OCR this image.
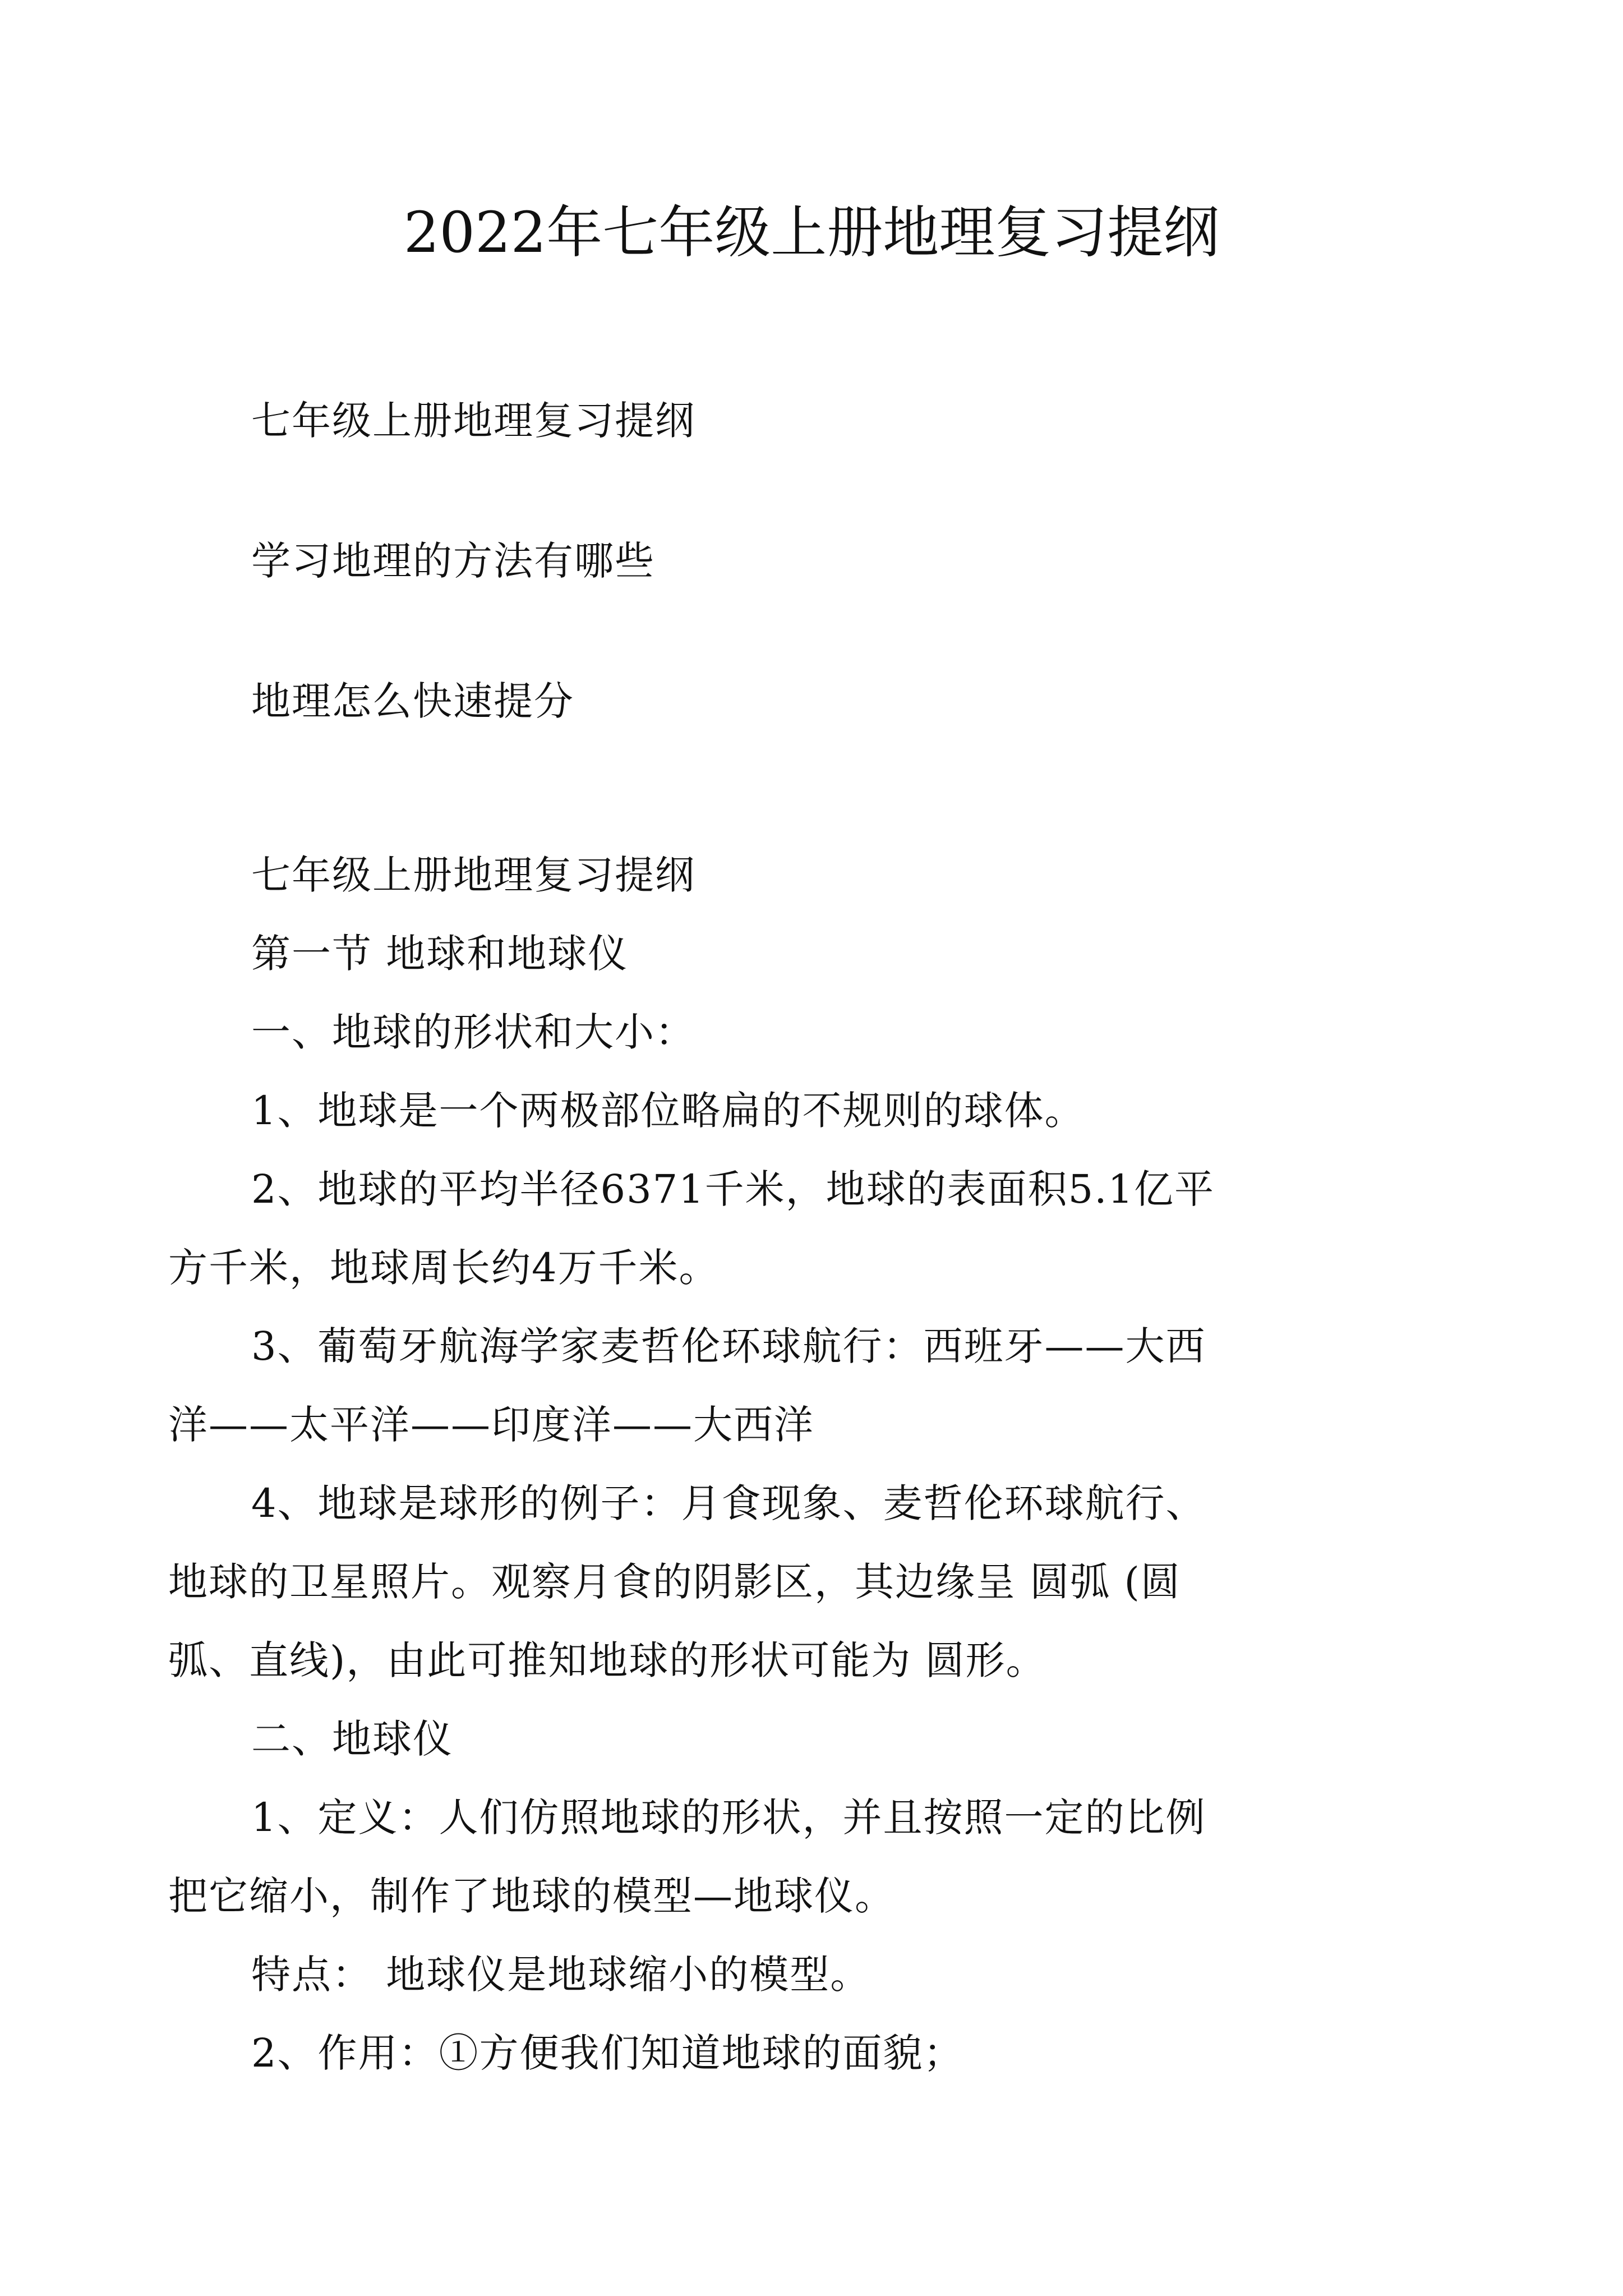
2022年七年级上册地理复习提纲

七年级上册地理复习提纲

学习地理的方法有哪些

地理怎么快速提分

七年级上册地理复习提纲

第一节 地球和地球仪

一、地球的形状和大小：

1、地球是一个两极部位略扁的不规则的球体。

2、地球的平均半径6371千米，地球的表面积5.1亿平

方千米，地球周长约4万千米。

3、葡萄牙航海学家麦哲伦环球航行：西班牙——大西

洋——太平洋——印度洋——大西洋

4、地球是球形的例子：月食现象、麦哲伦环球航行、

地球的卫星照片。观察月食的阴影区，其边缘呈 圆弧 (圆

弧、直线)，由此可推知地球的形状可能为 圆形。

二、地球仪

1、定义：人们仿照地球的形状，并且按照一定的比例

把它缩小，制作了地球的模型—地球仪。

特点： 地球仪是地球缩小的模型。

2、作用：①方便我们知道地球的面貌；
